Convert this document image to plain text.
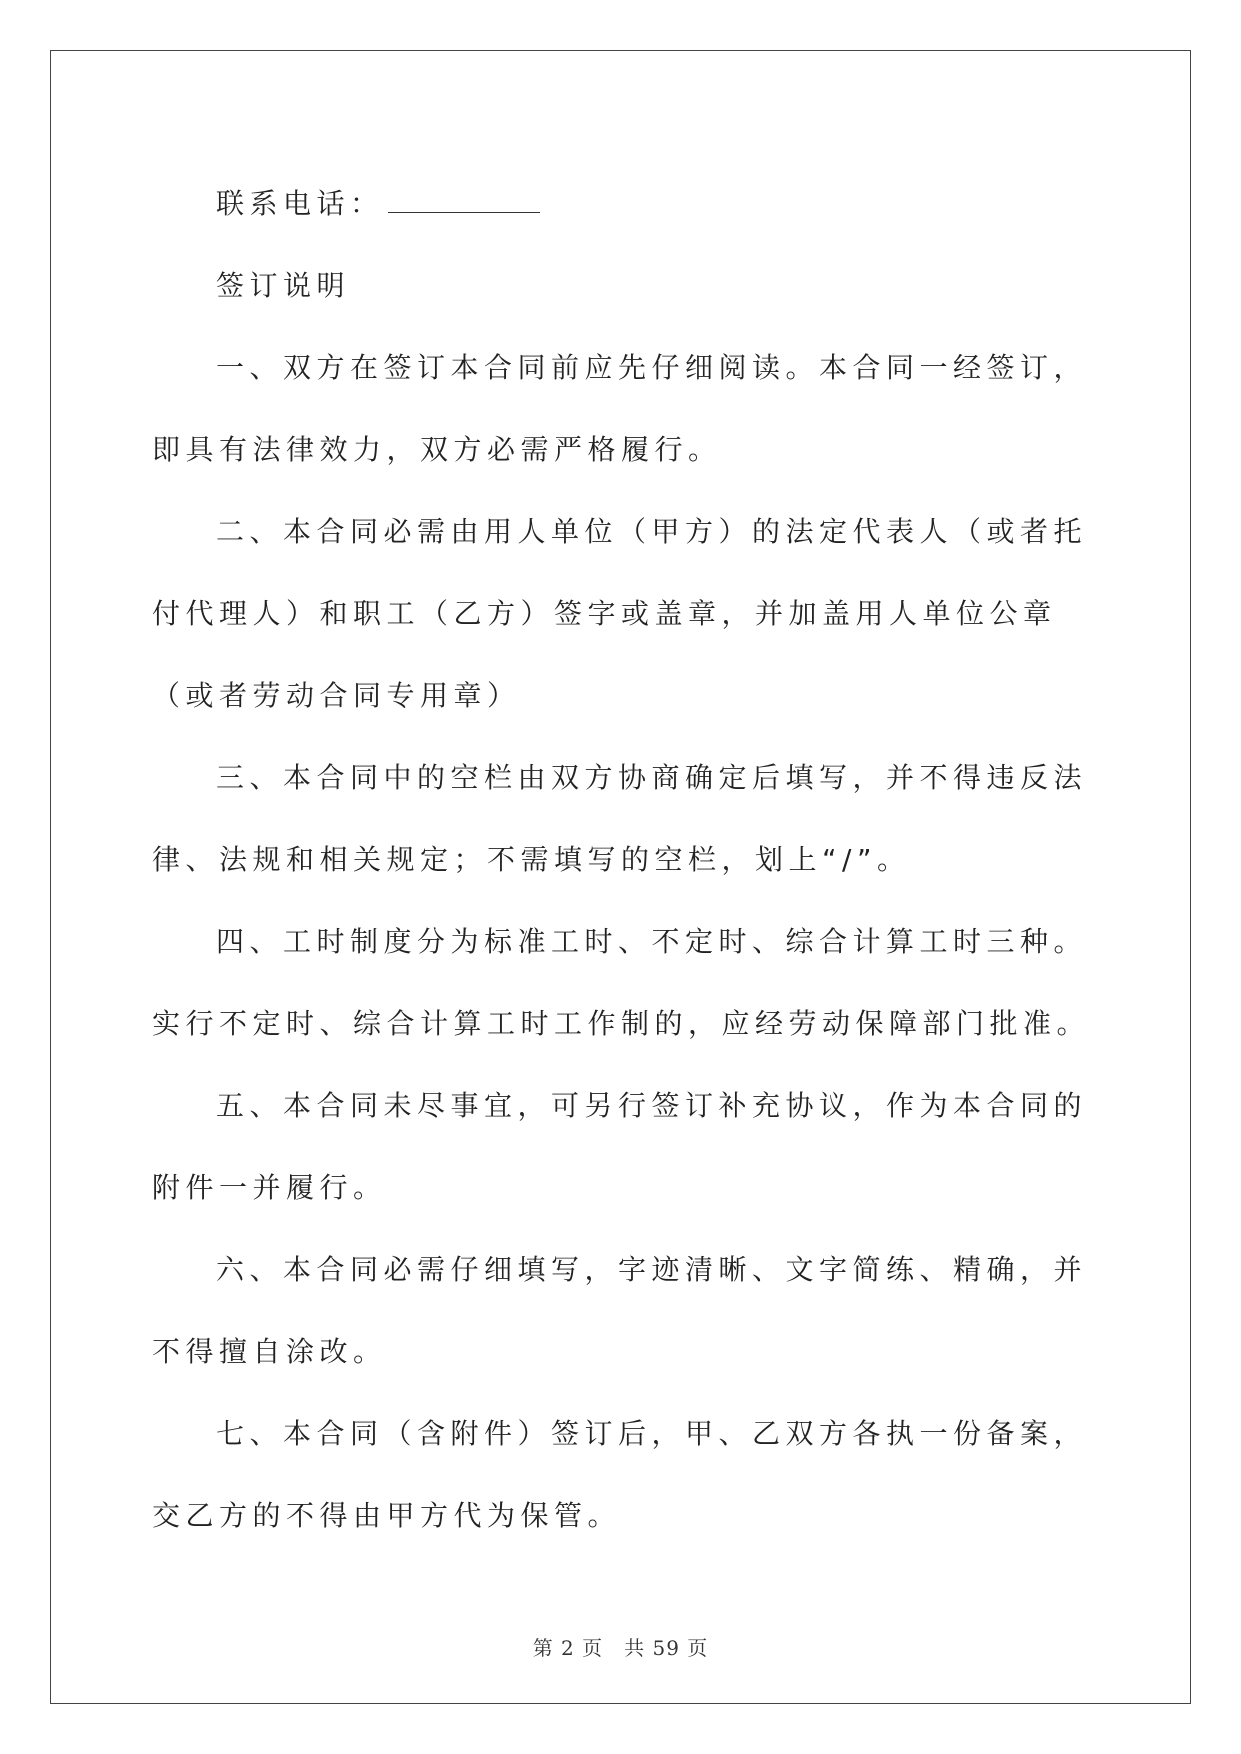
联系电话：

签订说明

一、双方在签订本合同前应先仔细阅读。本合同一经签订，即具有法律效力，双方必需严格履行。

二、本合同必需由用人单位（甲方）的法定代表人（或者托付代理人）和职工（乙方）签字或盖章，并加盖用人单位公章（或者劳动合同专用章）

三、本合同中的空栏由双方协商确定后填写，并不得违反法律、法规和相关规定；不需填写的空栏，划上“/”。

四、工时制度分为标准工时、不定时、综合计算工时三种。实行不定时、综合计算工时工作制的，应经劳动保障部门批准。

五、本合同未尽事宜，可另行签订补充协议，作为本合同的附件一并履行。

六、本合同必需仔细填写，字迹清晰、文字简练、精确，并不得擅自涂改。

七、本合同（含附件）签订后，甲、乙双方各执一份备案，交乙方的不得由甲方代为保管。

第 2 页　共 59 页
